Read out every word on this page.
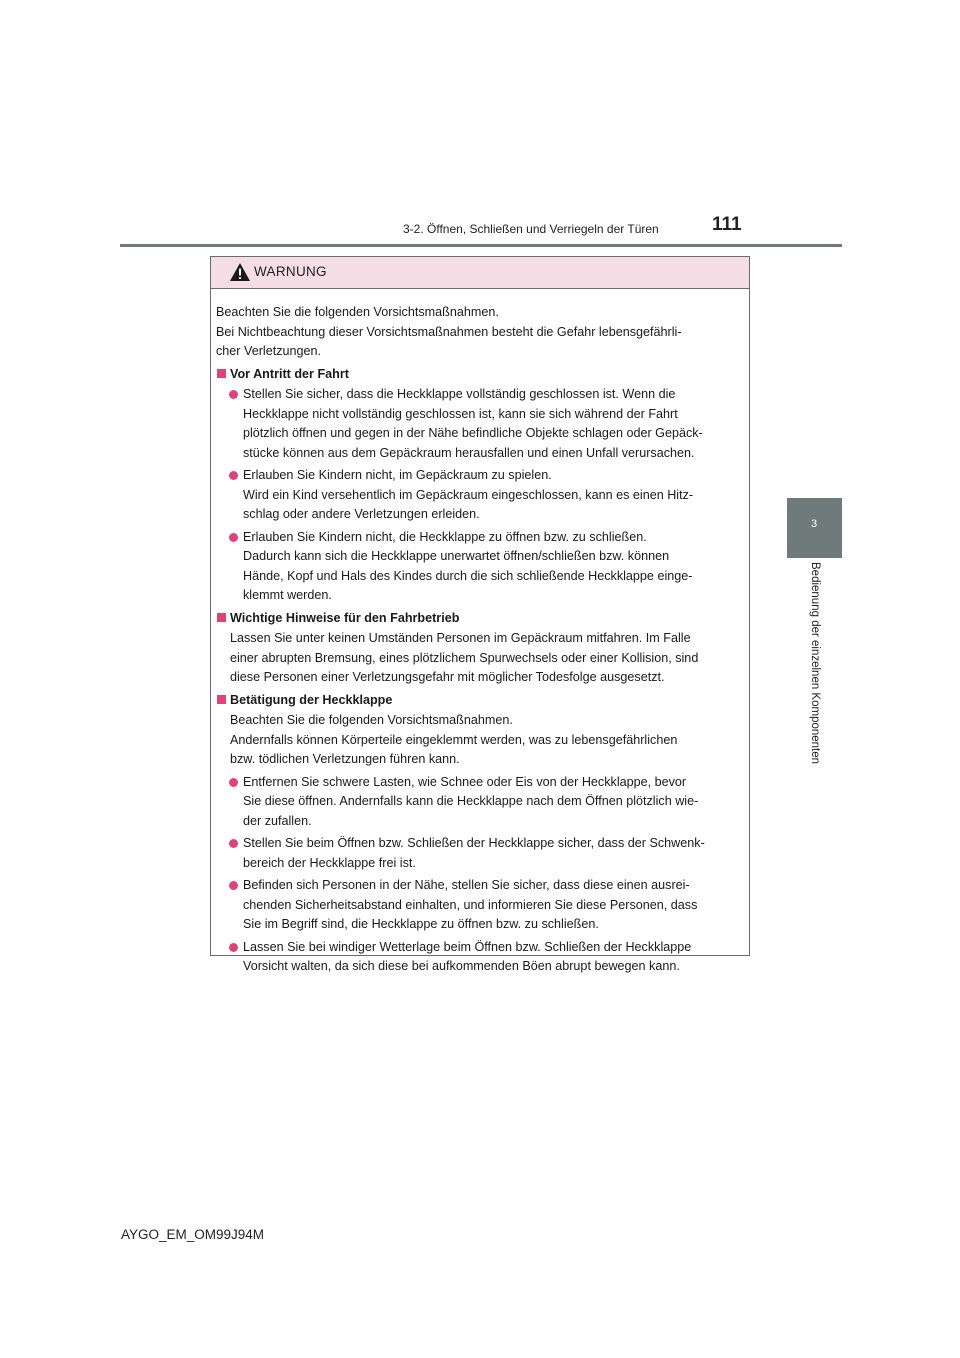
3-2. Öffnen, Schließen und Verriegeln der Türen	111
3
Bedienung der einzelnen Komponenten
WARNUNG
Beachten Sie die folgenden Vorsichtsmaßnahmen.
Bei Nichtbeachtung dieser Vorsichtsmaßnahmen besteht die Gefahr lebensgefährli-
cher Verletzungen.
Vor Antritt der Fahrt
Stellen Sie sicher, dass die Heckklappe vollständig geschlossen ist. Wenn die
Heckklappe nicht vollständig geschlossen ist, kann sie sich während der Fahrt
plötzlich öffnen und gegen in der Nähe befindliche Objekte schlagen oder Gepäck-
stücke können aus dem Gepäckraum herausfallen und einen Unfall verursachen.
Erlauben Sie Kindern nicht, im Gepäckraum zu spielen.
Wird ein Kind versehentlich im Gepäckraum eingeschlossen, kann es einen Hitz-
schlag oder andere Verletzungen erleiden.
Erlauben Sie Kindern nicht, die Heckklappe zu öffnen bzw. zu schließen.
Dadurch kann sich die Heckklappe unerwartet öffnen/schließen bzw. können
Hände, Kopf und Hals des Kindes durch die sich schließende Heckklappe einge-
klemmt werden.
Wichtige Hinweise für den Fahrbetrieb
Lassen Sie unter keinen Umständen Personen im Gepäckraum mitfahren. Im Falle
einer abrupten Bremsung, eines plötzlichem Spurwechsels oder einer Kollision, sind
diese Personen einer Verletzungsgefahr mit möglicher Todesfolge ausgesetzt.
Betätigung der Heckklappe
Beachten Sie die folgenden Vorsichtsmaßnahmen.
Andernfalls können Körperteile eingeklemmt werden, was zu lebensgefährlichen
bzw. tödlichen Verletzungen führen kann.
Entfernen Sie schwere Lasten, wie Schnee oder Eis von der Heckklappe, bevor
Sie diese öffnen. Andernfalls kann die Heckklappe nach dem Öffnen plötzlich wie-
der zufallen.
Stellen Sie beim Öffnen bzw. Schließen der Heckklappe sicher, dass der Schwenk-
bereich der Heckklappe frei ist.
Befinden sich Personen in der Nähe, stellen Sie sicher, dass diese einen ausrei-
chenden Sicherheitsabstand einhalten, und informieren Sie diese Personen, dass
Sie im Begriff sind, die Heckklappe zu öffnen bzw. zu schließen.
Lassen Sie bei windiger Wetterlage beim Öffnen bzw. Schließen der Heckklappe
Vorsicht walten, da sich diese bei aufkommenden Böen abrupt bewegen kann.
AYGO_EM_OM99J94M
